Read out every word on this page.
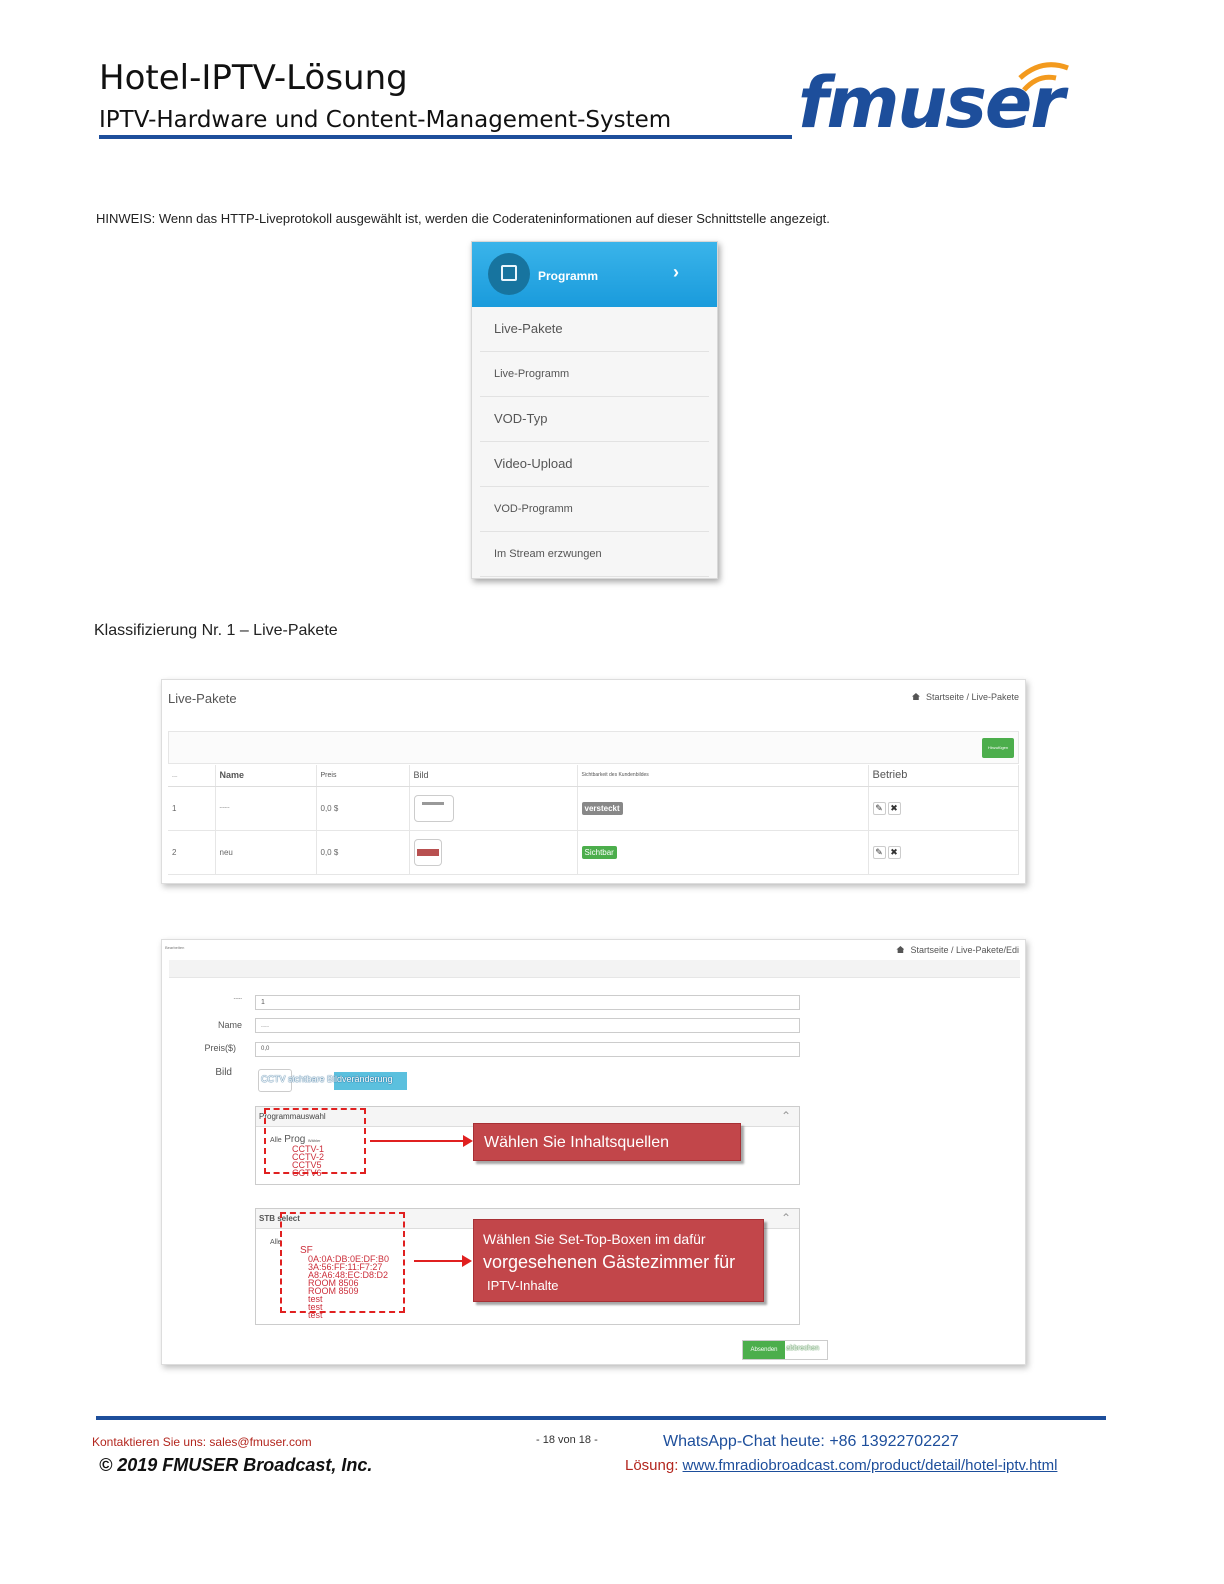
Hotel-IPTV-Lösung
IPTV-Hardware und Content-Management-System fmuser
HINWEIS: Wenn das HTTP-Liveprotokoll ausgewählt ist, werden die Coderateninformationen auf dieser Schnittstelle angezeigt.
Programm	›
Live-Pakete
Live-Programm
VOD-Typ
Video-Upload
VOD-Programm
Im Stream erzwungen
Klassifizierung Nr. 1 – Live-Pakete
Live-Pakete	Startseite / Live-Pakete
Hinzufügen
----	Name	Preis	Bild	Sichtbarkeit des Kundenbildes	Betrieb
1	------	0,0 $		versteckt	✎ ✖
2	neu	0,0 $		Sichtbar	✎ ✖
Bearbeiten	Startseite / Live-Pakete/Edi
-----	1
Name	------
Preis($)	0,0
Bild
CCTV sichtbare Bildveränderung
Programmauswahl	⌃
Alle Prog Wähler
CCTV-1
CCTV-2
CCTV5
CCTV6
Wählen Sie Inhaltsquellen
STB select	⌃
Alle
SF
0A:0A:DB:0E:DF:B0
3A:56:FF:11:F7:27
A8:A6:48:EC:D8:D2
ROOM 8506
ROOM 8509
test
test
test
Wählen Sie Set-Top-Boxen im dafür
vorgesehenen Gästezimmer für
IPTV-Inhalte
Absenden	abbrechen
Kontaktieren Sie uns: sales@fmuser.com	- 18 von 18 -	WhatsApp-Chat heute: +86 13922702227
© 2019 FMUSER Broadcast, Inc.	Lösung: www.fmradiobroadcast.com/product/detail/hotel-iptv.html
